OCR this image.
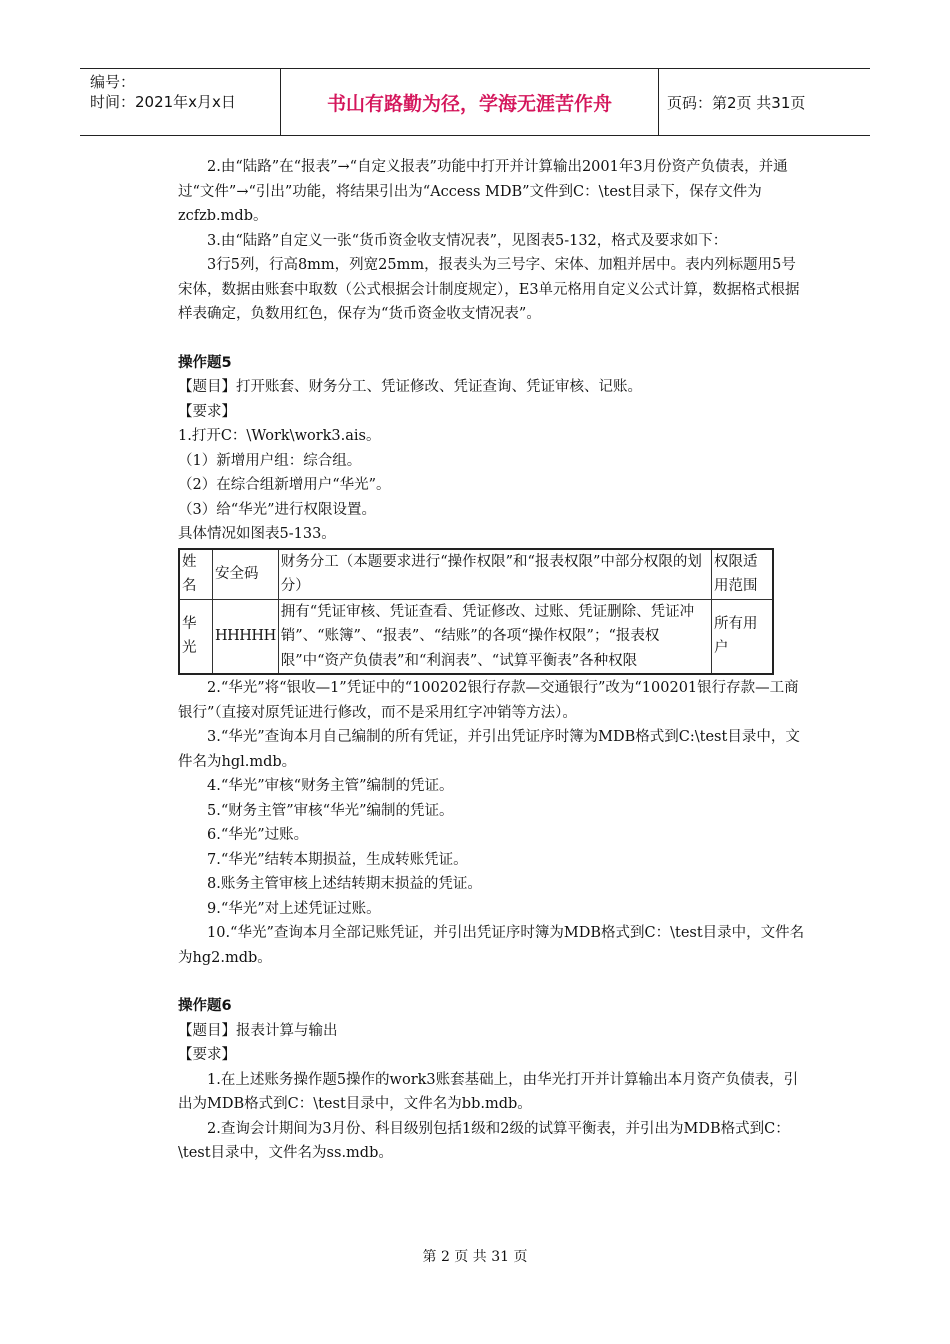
编号：
时间：2021年x月x日	书山有路勤为径，学海无涯苦作舟	页码：第2页 共31页

2.由“陆路”在“报表”→“自定义报表”功能中打开并计算输出2001年3月份资产负债表，并通过“文件”→“引出”功能，将结果引出为“Access MDB”文件到C：\test目录下，保存文件为zcfzb.mdb。

3.由“陆路”自定义一张“货币资金收支情况表”，见图表5-132，格式及要求如下：

3行5列，行高8mm，列宽25mm，报表头为三号字、宋体、加粗并居中。表内列标题用5号宋体，数据由账套中取数（公式根据会计制度规定），E3单元格用自定义公式计算，数据格式根据样表确定，负数用红色，保存为“货币资金收支情况表”。

操作题5

【题目】打开账套、财务分工、凭证修改、凭证查询、凭证审核、记账。

【要求】

1.打开C：\Work\work3.ais。

（1）新增用户组：综合组。

（2）在综合组新增用户“华光”。

（3）给“华光”进行权限设置。

具体情况如图表5-133。

姓名	安全码	财务分工（本题要求进行“操作权限”和“报表权限”中部分权限的划分）	权限适用范围
华光	HHHHH	拥有“凭证审核、凭证查看、凭证修改、过账、凭证删除、凭证冲销”、“账簿”、“报表”、“结账”的各项“操作权限”；“报表权限”中“资产负债表”和“利润表”、“试算平衡表”各种权限	所有用户

2.“华光”将“银收—1”凭证中的“100202银行存款—交通银行”改为“100201银行存款—工商银行”（直接对原凭证进行修改，而不是采用红字冲销等方法）。

3.“华光”查询本月自己编制的所有凭证，并引出凭证序时簿为MDB格式到C:\test目录中，文件名为hgl.mdb。

4.“华光”审核“财务主管”编制的凭证。

5.“财务主管”审核“华光”编制的凭证。

6.“华光”过账。

7.“华光”结转本期损益，生成转账凭证。

8.账务主管审核上述结转期末损益的凭证。

9.“华光”对上述凭证过账。

10.“华光”查询本月全部记账凭证，并引出凭证序时簿为MDB格式到C：\test目录中，文件名为hg2.mdb。

操作题6

【题目】报表计算与输出

【要求】

1.在上述账务操作题5操作的work3账套基础上，由华光打开并计算输出本月资产负债表，引出为MDB格式到C：\test目录中，文件名为bb.mdb。

2.查询会计期间为3月份、科目级别包括1级和2级的试算平衡表，并引出为MDB格式到C：\test目录中，文件名为ss.mdb。

第 2 页 共 31 页
